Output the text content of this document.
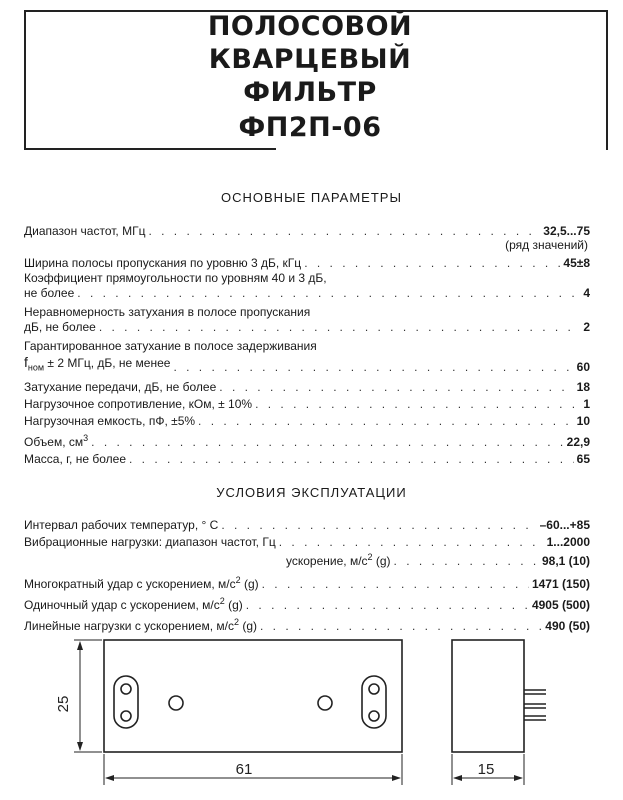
ПОЛОСОВОЙ
КВАРЦЕВЫЙ
ФИЛЬТР
ФП2П-06
ОСНОВНЫЕ ПАРАМЕТРЫ
Диапазон частот, МГц . . .	32,5...75
(ряд значений)
Ширина полосы пропускания по уровню 3 дБ, кГц . . .	45±8
Коэффициент прямоугольности по уровням 40 и 3 дБ,
не более . . .	4
Неравномерность затухания в полосе пропускания
дБ, не более . . .	2
Гарантированное затухание в полосе задерживания
$f_{ном} \pm 2$ МГц, дБ, не менее . . .	60
Затухание передачи, дБ, не более . . .	18
Нагрузочное сопротивление, кОм, ± 10% . . .	1
Нагрузочная емкость, пФ, ±5% . . .	10
Объем, $см^3$ . . .	22,9
Масса, г, не более . . .	65
УСЛОВИЯ ЭКСПЛУАТАЦИИ
Интервал рабочих температур, ° С . . .	–60...+85
Вибрационные нагрузки: диапазон частот, Гц . . .	1...2000
ускорение, $м/с^2$ (g) . . .	98,1 (10)
Многократный удар с ускорением, $м/с^2$ (g) . . .	1471 (150)
Одиночный удар с ускорением, $м/с^2$ (g) . . .	4905 (500)
Линейные нагрузки с ускорением, $м/с^2$ (g) . . .	490 (50)
25
61	15
